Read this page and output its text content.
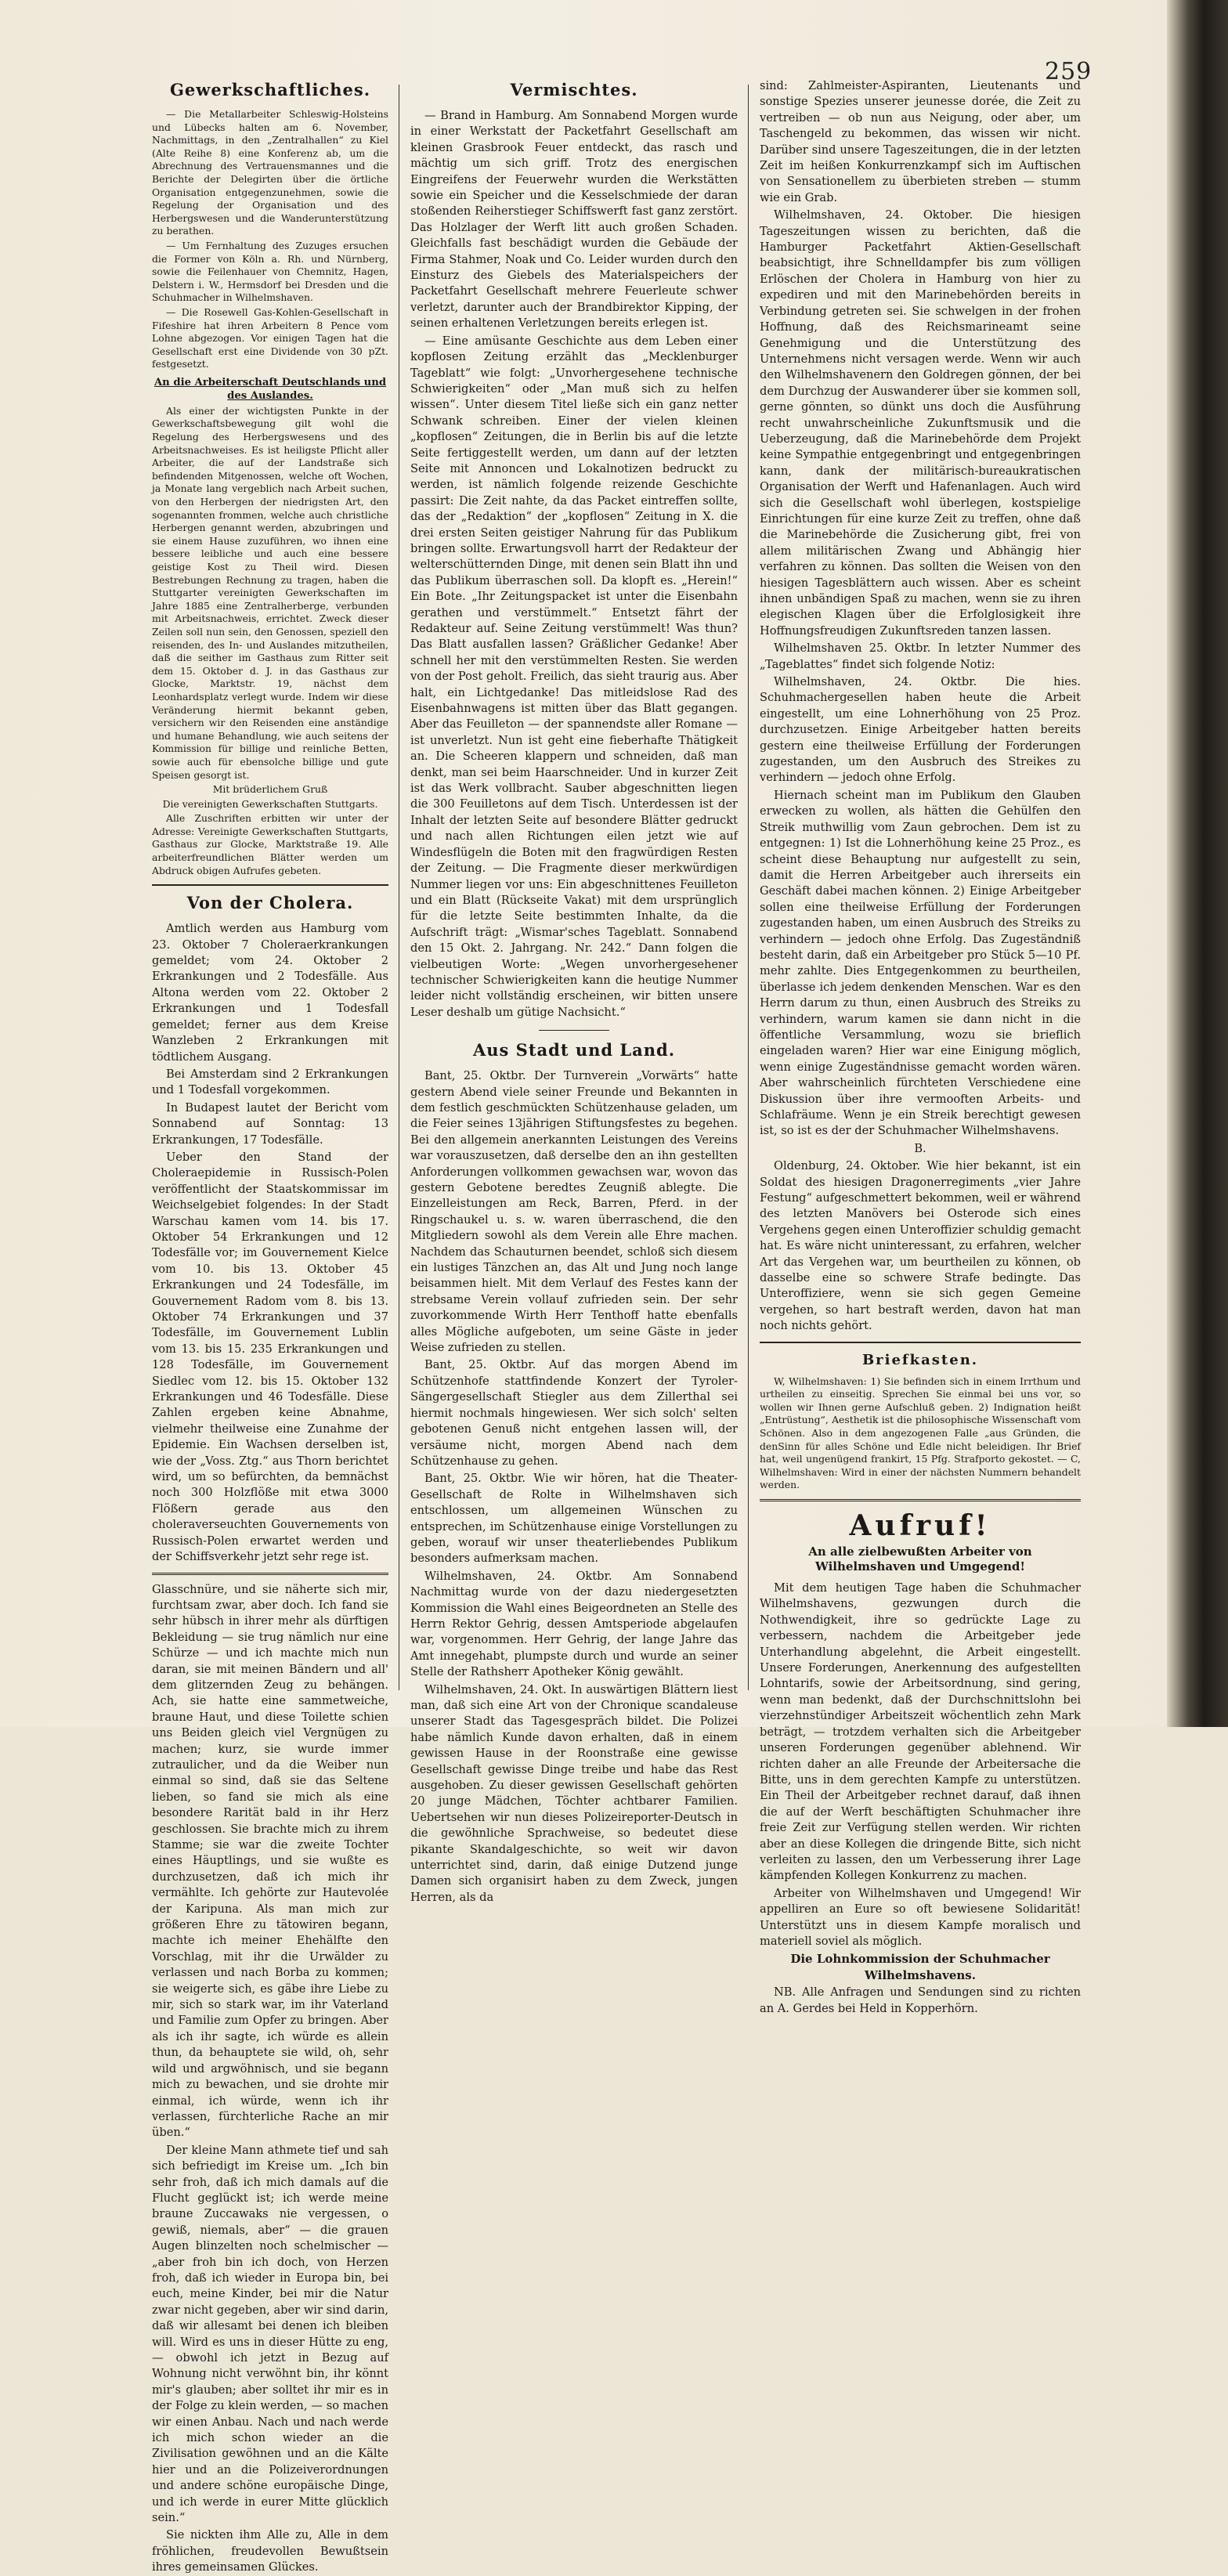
259
Gewerkschaftliches.

— Die Metallarbeiter Schleswig-Holsteins und Lübecks halten am 6. November, Nachmittags, in den „Zentralhallen“ zu Kiel (Alte Reihe 8) eine Konferenz ab, um die Abrechnung des Vertrauensmannes und die Berichte der Delegirten über die örtliche Organisation entgegenzunehmen, sowie die Regelung der Organisation und des Herbergswesen und die Wanderunterstützung zu berathen.

— Um Fernhaltung des Zuzuges ersuchen die Former von Köln a. Rh. und Nürnberg, sowie die Feilenhauer von Chemnitz, Hagen, Delstern i. W., Hermsdorf bei Dresden und die Schuhmacher in Wilhelmshaven.

— Die Rosewell Gas-Kohlen-Gesellschaft in Fifeshire hat ihren Arbeitern 8 Pence vom Lohne abgezogen. Vor einigen Tagen hat die Gesellschaft erst eine Dividende von 30 pZt. festgesetzt.

An die Arbeiterschaft Deutschlands und des Auslandes.

Als einer der wichtigsten Punkte in der Gewerkschaftsbewegung gilt wohl die Regelung des Herbergswesens und des Arbeitsnachweises. Es ist heiligste Pflicht aller Arbeiter, die auf der Landstraße sich befindenden Mitgenossen, welche oft Wochen, ja Monate lang vergeblich nach Arbeit suchen, von den Herbergen der niedrigsten Art, den sogenannten frommen, welche auch christliche Herbergen genannt werden, abzubringen und sie einem Hause zuzuführen, wo ihnen eine bessere leibliche und auch eine bessere geistige Kost zu Theil wird. Diesen Bestrebungen Rechnung zu tragen, haben die Stuttgarter vereinigten Gewerkschaften im Jahre 1885 eine Zentralherberge, verbunden mit Arbeitsnachweis, errichtet. Zweck dieser Zeilen soll nun sein, den Genossen, speziell den reisenden, des In- und Auslandes mitzutheilen, daß die seither im Gasthaus zum Ritter seit dem 15. Oktober d. J. in das Gasthaus zur Glocke, Marktstr. 19, nächst dem Leonhardsplatz verlegt wurde. Indem wir diese Veränderung hiermit bekannt geben, versichern wir den Reisenden eine anständige und humane Behandlung, wie auch seitens der Kommission für billige und reinliche Betten, sowie auch für ebensolche billige und gute Speisen gesorgt ist.

Mit brüderlichem Gruß

Die vereinigten Gewerkschaften Stuttgarts.

Alle Zuschriften erbitten wir unter der Adresse: Vereinigte Gewerkschaften Stuttgarts, Gasthaus zur Glocke, Marktstraße 19. Alle arbeiterfreundlichen Blätter werden um Abdruck obigen Aufrufes gebeten.

Von der Cholera.

Amtlich werden aus Hamburg vom 23. Oktober 7 Choleraerkrankungen gemeldet; vom 24. Oktober 2 Erkrankungen und 2 Todesfälle. Aus Altona werden vom 22. Oktober 2 Erkrankungen und 1 Todesfall gemeldet; ferner aus dem Kreise Wanzleben 2 Erkrankungen mit tödtlichem Ausgang.

Bei Amsterdam sind 2 Erkrankungen und 1 Todesfall vorgekommen.

In Budapest lautet der Bericht vom Sonnabend auf Sonntag: 13 Erkrankungen, 17 Todesfälle.

Ueber den Stand der Choleraepidemie in Russisch-Polen veröffentlicht der Staatskommissar im Weichselgebiet folgendes: In der Stadt Warschau kamen vom 14. bis 17. Oktober 54 Erkrankungen und 12 Todesfälle vor; im Gouvernement Kielce vom 10. bis 13. Oktober 45 Erkrankungen und 24 Todesfälle, im Gouvernement Radom vom 8. bis 13. Oktober 74 Erkrankungen und 37 Todesfälle, im Gouvernement Lublin vom 13. bis 15. 235 Erkrankungen und 128 Todesfälle, im Gouvernement Siedlec vom 12. bis 15. Oktober 132 Erkrankungen und 46 Todesfälle. Diese Zahlen ergeben keine Abnahme, vielmehr theilweise eine Zunahme der Epidemie. Ein Wachsen derselben ist, wie der „Voss. Ztg.“ aus Thorn berichtet wird, um so befürchten, da bemnächst noch 300 Holzflöße mit etwa 3000 Flößern gerade aus den choleraverseuchten Gouvernements von Russisch-Polen erwartet werden und der Schiffsverkehr jetzt sehr rege ist.

Glasschnüre, und sie näherte sich mir, furchtsam zwar, aber doch. Ich fand sie sehr hübsch in ihrer mehr als dürftigen Bekleidung — sie trug nämlich nur eine Schürze — und ich machte mich nun daran, sie mit meinen Bändern und all' dem glitzernden Zeug zu behängen. Ach, sie hatte eine sammetweiche, braune Haut, und diese Toilette schien uns Beiden gleich viel Vergnügen zu machen; kurz, sie wurde immer zutraulicher, und da die Weiber nun einmal so sind, daß sie das Seltene lieben, so fand sie mich als eine besondere Rarität bald in ihr Herz geschlossen. Sie brachte mich zu ihrem Stamme; sie war die zweite Tochter eines Häuptlings, und sie wußte es durchzusetzen, daß ich mich ihr vermählte. Ich gehörte zur Hautevolée der Karipuna. Als man mich zur größeren Ehre zu tätowiren begann, machte ich meiner Ehehälfte den Vorschlag, mit ihr die Urwälder zu verlassen und nach Borba zu kommen; sie weigerte sich, es gäbe ihre Liebe zu mir, sich so stark war, im ihr Vaterland und Familie zum Opfer zu bringen. Aber als ich ihr sagte, ich würde es allein thun, da behauptete sie wild, oh, sehr wild und argwöhnisch, und sie begann mich zu bewachen, und sie drohte mir einmal, ich würde, wenn ich ihr verlassen, fürchterliche Rache an mir üben.“

Der kleine Mann athmete tief und sah sich befriedigt im Kreise um. „Ich bin sehr froh, daß ich mich damals auf die Flucht geglückt ist; ich werde meine braune Zuccawaks nie vergessen, o gewiß, niemals, aber“ — die grauen Augen blinzelten noch schelmischer — „aber froh bin ich doch, von Herzen froh, daß ich wieder in Europa bin, bei euch, meine Kinder, bei mir die Natur zwar nicht gegeben, aber wir sind darin, daß wir allesamt bei denen ich bleiben will. Wird es uns in dieser Hütte zu eng, — obwohl ich jetzt in Bezug auf Wohnung nicht verwöhnt bin, ihr könnt mir's glauben; aber solltet ihr mir es in der Folge zu klein werden, — so machen wir einen Anbau. Nach und nach werde ich mich schon wieder an die Zivilisation gewöhnen und an die Kälte hier und an die Polizeiverordnungen und andere schöne europäische Dinge, und ich werde in eurer Mitte glücklich sein.“

Sie nickten ihm Alle zu, Alle in dem fröhlichen, freudevollen Bewußtsein ihres gemeinsamen Glückes.

Vermischtes.

— Brand in Hamburg. Am Sonnabend Morgen wurde in einer Werkstatt der Packetfahrt Gesellschaft am kleinen Grasbrook Feuer entdeckt, das rasch und mächtig um sich griff. Trotz des energischen Eingreifens der Feuerwehr wurden die Werkstätten sowie ein Speicher und die Kesselschmiede der daran stoßenden Reiherstieger Schiffswerft fast ganz zerstört. Das Holzlager der Werft litt auch großen Schaden. Gleichfalls fast beschädigt wurden die Gebäude der Firma Stahmer, Noak und Co. Leider wurden durch den Einsturz des Giebels des Materialspeichers der Packetfahrt Gesellschaft mehrere Feuerleute schwer verletzt, darunter auch der Brandbirektor Kipping, der seinen erhaltenen Verletzungen bereits erlegen ist.

— Eine amüsante Geschichte aus dem Leben einer kopflosen Zeitung erzählt das „Mecklenburger Tageblatt“ wie folgt: „Unvorhergesehene technische Schwierigkeiten“ oder „Man muß sich zu helfen wissen“. Unter diesem Titel ließe sich ein ganz netter Schwank schreiben. Einer der vielen kleinen „kopflosen“ Zeitungen, die in Berlin bis auf die letzte Seite fertiggestellt werden, um dann auf der letzten Seite mit Annoncen und Lokalnotizen bedruckt zu werden, ist nämlich folgende reizende Geschichte passirt: Die Zeit nahte, da das Packet eintreffen sollte, das der „Redaktion“ der „kopflosen“ Zeitung in X. die drei ersten Seiten geistiger Nahrung für das Publikum bringen sollte. Erwartungsvoll harrt der Redakteur der welterschütternden Dinge, mit denen sein Blatt ihn und das Publikum überraschen soll. Da klopft es. „Herein!“ Ein Bote. „Ihr Zeitungspacket ist unter die Eisenbahn gerathen und verstümmelt.“ Entsetzt fährt der Redakteur auf. Seine Zeitung verstümmelt! Was thun? Das Blatt ausfallen lassen? Gräßlicher Gedanke! Aber schnell her mit den verstümmelten Resten. Sie werden von der Post geholt. Freilich, das sieht traurig aus. Aber halt, ein Lichtgedanke! Das mitleidslose Rad des Eisenbahnwagens ist mitten über das Blatt gegangen. Aber das Feuilleton — der spannendste aller Romane — ist unverletzt. Nun ist geht eine fieberhafte Thätigkeit an. Die Scheeren klappern und schneiden, daß man denkt, man sei beim Haarschneider. Und in kurzer Zeit ist das Werk vollbracht. Sauber abgeschnitten liegen die 300 Feuilletons auf dem Tisch. Unterdessen ist der Inhalt der letzten Seite auf besondere Blätter gedruckt und nach allen Richtungen eilen jetzt wie auf Windesflügeln die Boten mit den fragwürdigen Resten der Zeitung. — Die Fragmente dieser merkwürdigen Nummer liegen vor uns: Ein abgeschnittenes Feuilleton und ein Blatt (Rückseite Vakat) mit dem ursprünglich für die letzte Seite bestimmten Inhalte, da die Aufschrift trägt: „Wismar'sches Tageblatt. Sonnabend den 15 Okt. 2. Jahrgang. Nr. 242.“ Dann folgen die vielbeutigen Worte: „Wegen unvorhergesehener technischer Schwierigkeiten kann die heutige Nummer leider nicht vollständig erscheinen, wir bitten unsere Leser deshalb um gütige Nachsicht.“

Aus Stadt und Land.

Bant, 25. Oktbr. Der Turnverein „Vorwärts“ hatte gestern Abend viele seiner Freunde und Bekannten in dem festlich geschmückten Schützenhause geladen, um die Feier seines 13jährigen Stiftungsfestes zu begehen. Bei den allgemein anerkannten Leistungen des Vereins war vorauszusetzen, daß derselbe den an ihn gestellten Anforderungen vollkommen gewachsen war, wovon das gestern Gebotene beredtes Zeugniß ablegte. Die Einzelleistungen am Reck, Barren, Pferd. in der Ringschaukel u. s. w. waren überraschend, die den Mitgliedern sowohl als dem Verein alle Ehre machen. Nachdem das Schauturnen beendet, schloß sich diesem ein lustiges Tänzchen an, das Alt und Jung noch lange beisammen hielt. Mit dem Verlauf des Festes kann der strebsame Verein vollauf zufrieden sein. Der sehr zuvorkommende Wirth Herr Tenthoff hatte ebenfalls alles Mögliche aufgeboten, um seine Gäste in jeder Weise zufrieden zu stellen.

Bant, 25. Oktbr. Auf das morgen Abend im Schützenhofe stattfindende Konzert der Tyroler-Sängergesellschaft Stiegler aus dem Zillerthal sei hiermit nochmals hingewiesen. Wer sich solch' selten gebotenen Genuß nicht entgehen lassen will, der versäume nicht, morgen Abend nach dem Schützenhause zu gehen.

Bant, 25. Oktbr. Wie wir hören, hat die Theater-Gesellschaft de Rolte in Wilhelmshaven sich entschlossen, um allgemeinen Wünschen zu entsprechen, im Schützenhause einige Vorstellungen zu geben, worauf wir unser theaterliebendes Publikum besonders aufmerksam machen.

Wilhelmshaven, 24. Oktbr. Am Sonnabend Nachmittag wurde von der dazu niedergesetzten Kommission die Wahl eines Beigeordneten an Stelle des Herrn Rektor Gehrig, dessen Amtsperiode abgelaufen war, vorgenommen. Herr Gehrig, der lange Jahre das Amt innegehabt, plumpste durch und wurde an seiner Stelle der Rathsherr Apotheker König gewählt.

Wilhelmshaven, 24. Okt. In auswärtigen Blättern liest man, daß sich eine Art von der Chronique scandaleuse unserer Stadt das Tagesgespräch bildet. Die Polizei habe nämlich Kunde davon erhalten, daß in einem gewissen Hause in der Roonstraße eine gewisse Gesellschaft gewisse Dinge treibe und habe das Rest ausgehoben. Zu dieser gewissen Gesellschaft gehörten 20 junge Mädchen, Töchter achtbarer Familien. Uebertsehen wir nun dieses Polizeireporter-Deutsch in die gewöhnliche Sprachweise, so bedeutet diese pikante Skandalgeschichte, so weit wir davon unterrichtet sind, darin, daß einige Dutzend junge Damen sich organisirt haben zu dem Zweck, jungen Herren, als da

sind: Zahlmeister-Aspiranten, Lieutenants und sonstige Spezies unserer jeunesse dorée, die Zeit zu vertreiben — ob nun aus Neigung, oder aber, um Taschengeld zu bekommen, das wissen wir nicht. Darüber sind unsere Tageszeitungen, die in der letzten Zeit im heißen Konkurrenzkampf sich im Auftischen von Sensationellem zu überbieten streben — stumm wie ein Grab.

Wilhelmshaven, 24. Oktober. Die hiesigen Tageszeitungen wissen zu berichten, daß die Hamburger Packetfahrt Aktien-Gesellschaft beabsichtigt, ihre Schnelldampfer bis zum völligen Erlöschen der Cholera in Hamburg von hier zu expediren und mit den Marinebehörden bereits in Verbindung getreten sei. Sie schwelgen in der frohen Hoffnung, daß des Reichsmarineamt seine Genehmigung und die Unterstützung des Unternehmens nicht versagen werde. Wenn wir auch den Wilhelmshavenern den Goldregen gönnen, der bei dem Durchzug der Auswanderer über sie kommen soll, gerne gönnten, so dünkt uns doch die Ausführung recht unwahrscheinliche Zukunftsmusik und die Ueberzeugung, daß die Marinebehörde dem Projekt keine Sympathie entgegenbringt und entgegenbringen kann, dank der militärisch-bureaukratischen Organisation der Werft und Hafenanlagen. Auch wird sich die Gesellschaft wohl überlegen, kostspielige Einrichtungen für eine kurze Zeit zu treffen, ohne daß die Marinebehörde die Zusicherung gibt, frei von allem militärischen Zwang und Abhängig hier verfahren zu können. Das sollten die Weisen von den hiesigen Tagesblättern auch wissen. Aber es scheint ihnen unbändigen Spaß zu machen, wenn sie zu ihren elegischen Klagen über die Erfolglosigkeit ihre Hoffnungsfreudigen Zukunftsreden tanzen lassen.

Wilhelmshaven 25. Oktbr. In letzter Nummer des „Tageblattes“ findet sich folgende Notiz:

Wilhelmshaven, 24. Oktbr. Die hies. Schuhmachergesellen haben heute die Arbeit eingestellt, um eine Lohnerhöhung von 25 Proz. durchzusetzen. Einige Arbeitgeber hatten bereits gestern eine theilweise Erfüllung der Forderungen zugestanden, um den Ausbruch des Streikes zu verhindern — jedoch ohne Erfolg.

Hiernach scheint man im Publikum den Glauben erwecken zu wollen, als hätten die Gehülfen den Streik muthwillig vom Zaun gebrochen. Dem ist zu entgegnen: 1) Ist die Lohnerhöhung keine 25 Proz., es scheint diese Behauptung nur aufgestellt zu sein, damit die Herren Arbeitgeber auch ihrerseits ein Geschäft dabei machen können. 2) Einige Arbeitgeber sollen eine theilweise Erfüllung der Forderungen zugestanden haben, um einen Ausbruch des Streiks zu verhindern — jedoch ohne Erfolg. Das Zugeständniß besteht darin, daß ein Arbeitgeber pro Stück 5—10 Pf. mehr zahlte. Dies Entgegenkommen zu beurtheilen, überlasse ich jedem denkenden Menschen. War es den Herrn darum zu thun, einen Ausbruch des Streiks zu verhindern, warum kamen sie dann nicht in die öffentliche Versammlung, wozu sie brieflich eingeladen waren? Hier war eine Einigung möglich, wenn einige Zugeständnisse gemacht worden wären. Aber wahrscheinlich fürchteten Verschiedene eine Diskussion über ihre vermooften Arbeits- und Schlafräume. Wenn je ein Streik berechtigt gewesen ist, so ist es der der Schuhmacher Wilhelmshavens.

B.

Oldenburg, 24. Oktober. Wie hier bekannt, ist ein Soldat des hiesigen Dragonerregiments „vier Jahre Festung“ aufgeschmettert bekommen, weil er während des letzten Manövers bei Osterode sich eines Vergehens gegen einen Unteroffizier schuldig gemacht hat. Es wäre nicht uninteressant, zu erfahren, welcher Art das Vergehen war, um beurtheilen zu können, ob dasselbe eine so schwere Strafe bedingte. Das Unteroffiziere, wenn sie sich gegen Gemeine vergehen, so hart bestraft werden, davon hat man noch nichts gehört.

Briefkasten.

W, Wilhelmshaven: 1) Sie befinden sich in einem Irrthum und urtheilen zu einseitig. Sprechen Sie einmal bei uns vor, so wollen wir Ihnen gerne Aufschluß geben. 2) Indignation heißt „Entrüstung“, Aesthetik ist die philosophische Wissenschaft vom Schönen. Also in dem angezogenen Falle „aus Gründen, die denSinn für alles Schöne und Edle nicht beleidigen. Ihr Brief hat, weil ungenügend frankirt, 15 Pfg. Strafporto gekostet. — C, Wilhelmshaven: Wird in einer der nächsten Nummern behandelt werden.

Aufruf!
An alle zielbewußten Arbeiter von Wilhelmshaven und Umgegend!

Mit dem heutigen Tage haben die Schuhmacher Wilhelmshavens, gezwungen durch die Nothwendigkeit, ihre so gedrückte Lage zu verbessern, nachdem die Arbeitgeber jede Unterhandlung abgelehnt, die Arbeit eingestellt. Unsere Forderungen, Anerkennung des aufgestellten Lohntarifs, sowie der Arbeitsordnung, sind gering, wenn man bedenkt, daß der Durchschnittslohn bei vierzehnstündiger Arbeitszeit wöchentlich zehn Mark beträgt, — trotzdem verhalten sich die Arbeitgeber unseren Forderungen gegenüber ablehnend. Wir richten daher an alle Freunde der Arbeitersache die Bitte, uns in dem gerechten Kampfe zu unterstützen. Ein Theil der Arbeitgeber rechnet darauf, daß ihnen die auf der Werft beschäftigten Schuhmacher ihre freie Zeit zur Verfügung stellen werden. Wir richten aber an diese Kollegen die dringende Bitte, sich nicht verleiten zu lassen, den um Verbesserung ihrer Lage kämpfenden Kollegen Konkurrenz zu machen.

Arbeiter von Wilhelmshaven und Umgegend! Wir appelliren an Eure so oft bewiesene Solidarität! Unterstützt uns in diesem Kampfe moralisch und materiell soviel als möglich.

Die Lohnkommission der Schuhmacher Wilhelmshavens.

NB. Alle Anfragen und Sendungen sind zu richten an A. Gerdes bei Held in Kopperhörn.
